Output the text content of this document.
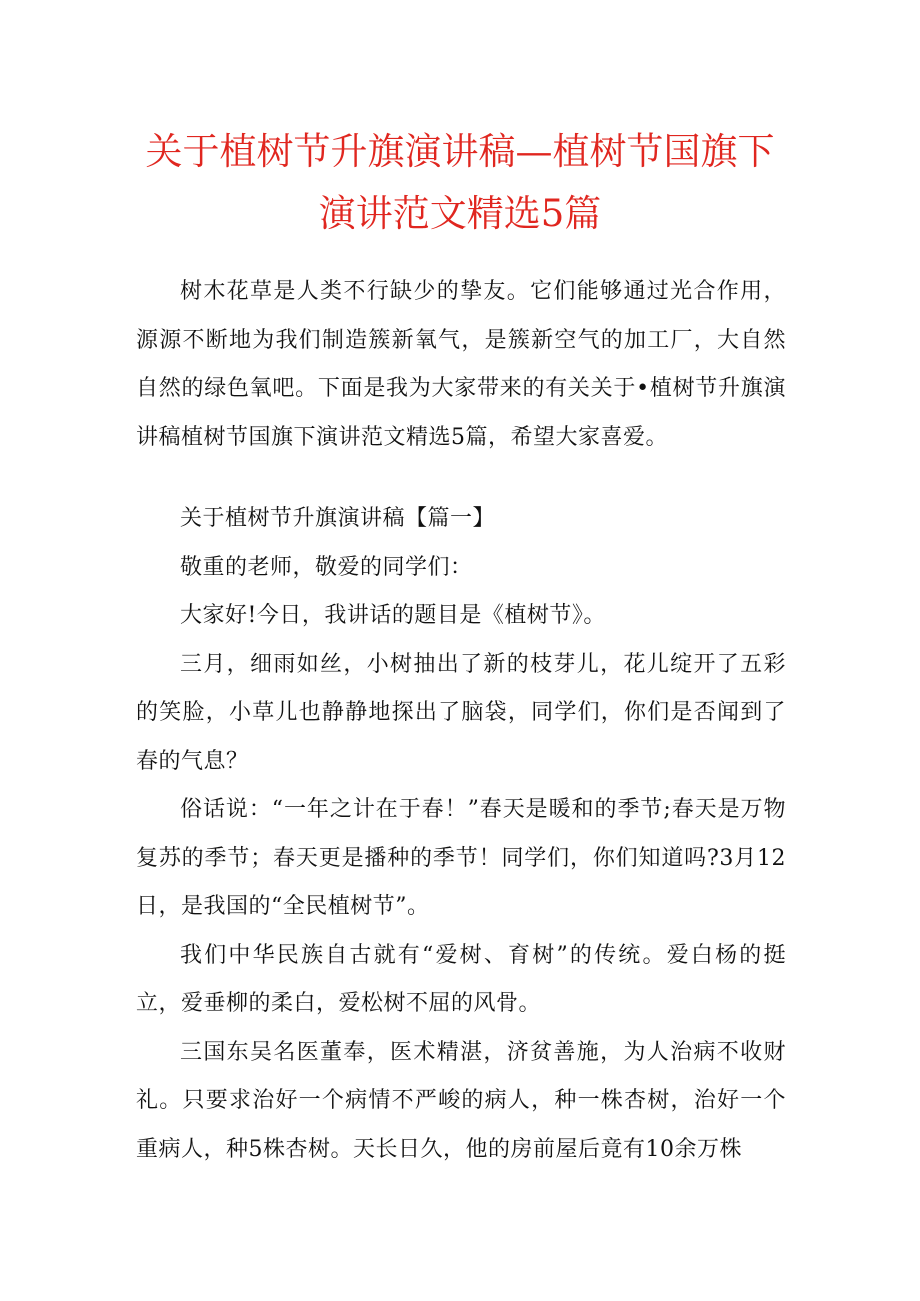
关于植树节升旗演讲稿—植树节国旗下
演讲范文精选5篇

树木花草是人类不行缺少的挚友。它们能够通过光合作用，源源不断地为我们制造簇新氧气，是簇新空气的加工厂，大自然自然的绿色氧吧。下面是我为大家带来的有关关于•植树节升旗演讲稿植树节国旗下演讲范文精选5篇，希望大家喜爱。

关于植树节升旗演讲稿【篇一】

敬重的老师，敬爱的同学们：

大家好!今日，我讲话的题目是《植树节》。

三月，细雨如丝，小树抽出了新的枝芽儿，花儿绽开了五彩的笑脸，小草儿也静静地探出了脑袋，同学们，你们是否闻到了春的气息？

俗话说：“一年之计在于春！”春天是暖和的季节;春天是万物复苏的季节；春天更是播种的季节！同学们，你们知道吗?3月12日，是我国的“全民植树节”。

我们中华民族自古就有“爱树、育树”的传统。爱白杨的挺立，爱垂柳的柔白，爱松树不屈的风骨。

三国东吴名医董奉，医术精湛，济贫善施，为人治病不收财礼。只要求治好一个病情不严峻的病人，种一株杏树，治好一个重病人，种5株杏树。天长日久，他的房前屋后竟有10余万株
